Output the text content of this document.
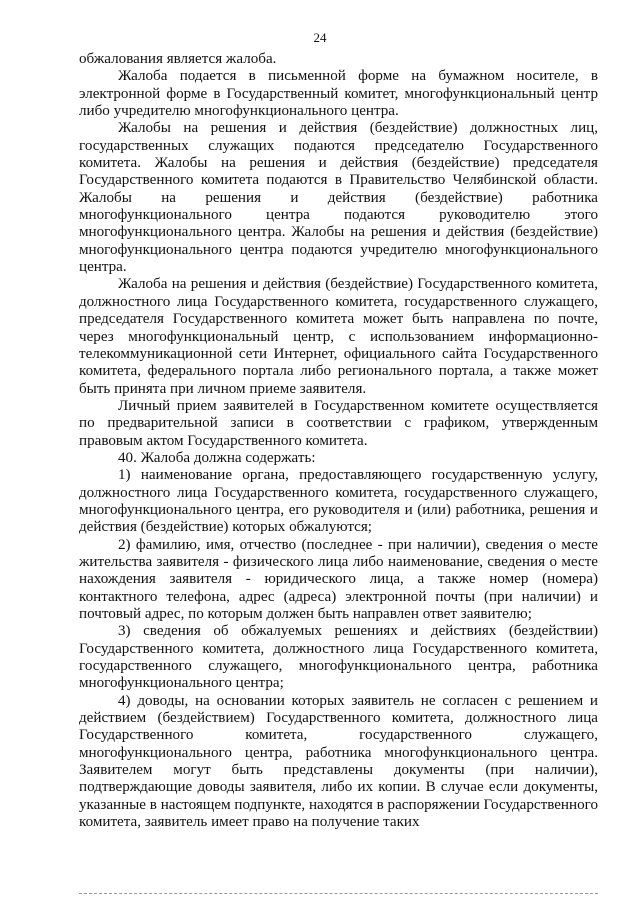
24

обжалования является жалоба.

Жалоба подается в письменной форме на бумажном носителе, в электронной форме в Государственный комитет, многофункциональный центр либо учредителю многофункционального центра.

Жалобы на решения и действия (бездействие) должностных лиц, государственных служащих подаются председателю Государственного комитета. Жалобы на решения и действия (бездействие) председателя Государственного комитета подаются в Правительство Челябинской области. Жалобы на решения и действия (бездействие) работника многофункционального центра подаются руководителю этого многофункционального центра. Жалобы на решения и действия (бездействие) многофункционального центра подаются учредителю многофункционального центра.

Жалоба на решения и действия (бездействие) Государственного комитета, должностного лица Государственного комитета, государственного служащего, председателя Государственного комитета может быть направлена по почте, через многофункциональный центр, с использованием информационно-телекоммуникационной сети Интернет, официального сайта Государственного комитета, федерального портала либо регионального портала, а также может быть принята при личном приеме заявителя.

Личный прием заявителей в Государственном комитете осуществляется по предварительной записи в соответствии с графиком, утвержденным правовым актом Государственного комитета.

40. Жалоба должна содержать:

1) наименование органа, предоставляющего государственную услугу, должностного лица Государственного комитета, государственного служащего, многофункционального центра, его руководителя и (или) работника, решения и действия (бездействие) которых обжалуются;

2) фамилию, имя, отчество (последнее - при наличии), сведения о месте жительства заявителя - физического лица либо наименование, сведения о месте нахождения заявителя - юридического лица, а также номер (номера) контактного телефона, адрес (адреса) электронной почты (при наличии) и почтовый адрес, по которым должен быть направлен ответ заявителю;

3) сведения об обжалуемых решениях и действиях (бездействии) Государственного комитета, должностного лица Государственного комитета, государственного служащего, многофункционального центра, работника многофункционального центра;

4) доводы, на основании которых заявитель не согласен с решением и действием (бездействием) Государственного комитета, должностного лица Государственного комитета, государственного служащего, многофункционального центра, работника многофункционального центра. Заявителем могут быть представлены документы (при наличии), подтверждающие доводы заявителя, либо их копии. В случае если документы, указанные в настоящем подпункте, находятся в распоряжении Государственного комитета, заявитель имеет право на получение таких
